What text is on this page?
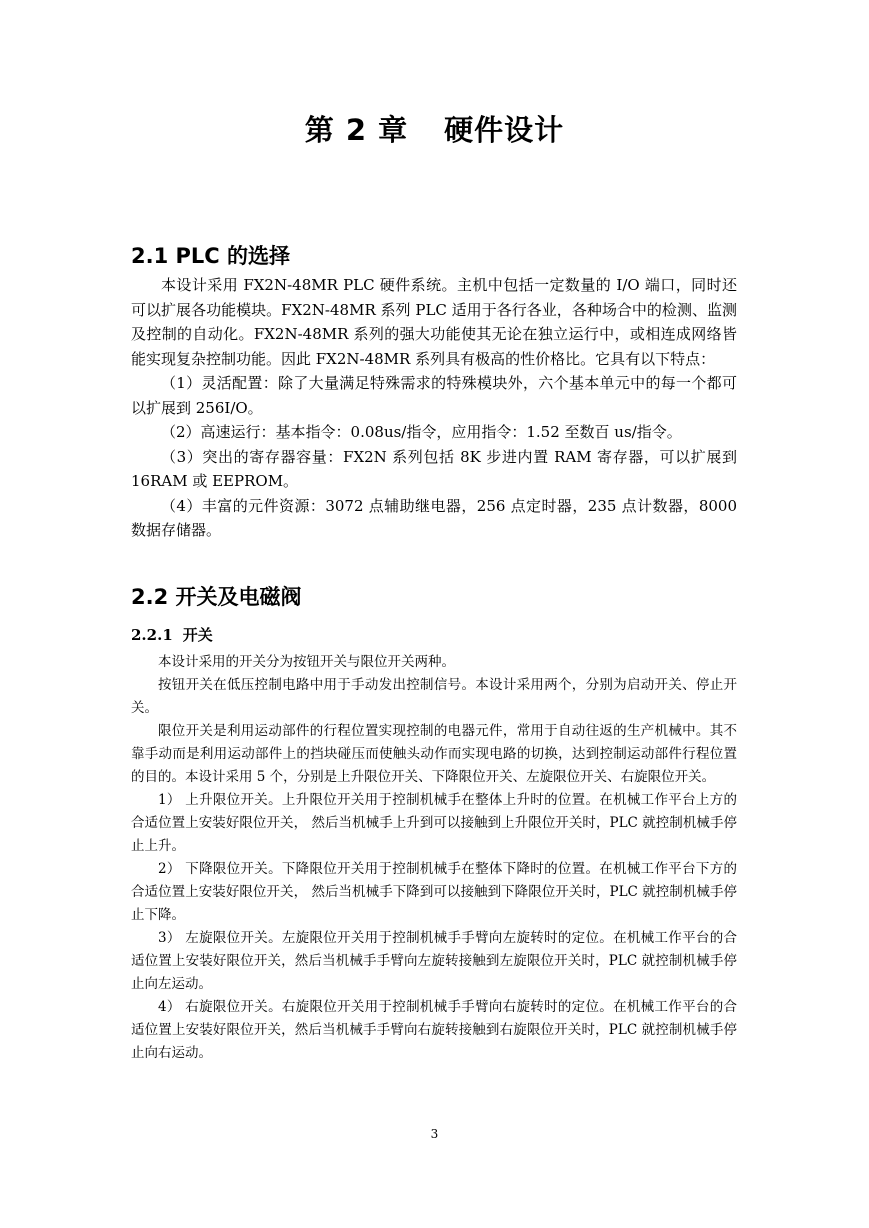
第 2 章 硬件设计
2.1 PLC 的选择

本设计采用 FX2N-48MR PLC 硬件系统。主机中包括一定数量的 I/O 端口，同时还可以扩展各功能模块。FX2N-48MR 系列 PLC 适用于各行各业，各种场合中的检测、监测及控制的自动化。FX2N-48MR 系列的强大功能使其无论在独立运行中，或相连成网络皆能实现复杂控制功能。因此 FX2N-48MR 系列具有极高的性价格比。它具有以下特点：

（1）灵活配置：除了大量满足特殊需求的特殊模块外，六个基本单元中的每一个都可以扩展到 256I/O。

（2）高速运行：基本指令：0.08us/指令，应用指令：1.52 至数百 us/指令。

（3）突出的寄存器容量：FX2N 系列包括 8K 步进内置 RAM 寄存器，可以扩展到 16RAM 或 EEPROM。

（4）丰富的元件资源：3072 点辅助继电器，256 点定时器，235 点计数器，8000 数据存储器。

2.2 开关及电磁阀
2.2.1 开关

本设计采用的开关分为按钮开关与限位开关两种。

按钮开关在低压控制电路中用于手动发出控制信号。本设计采用两个，分别为启动开关、停止开关。

限位开关是利用运动部件的行程位置实现控制的电器元件，常用于自动往返的生产机械中。其不靠手动而是利用运动部件上的挡块碰压而使触头动作而实现电路的切换，达到控制运动部件行程位置的目的。本设计采用 5 个，分别是上升限位开关、下降限位开关、左旋限位开关、右旋限位开关。

1） 上升限位开关。上升限位开关用于控制机械手在整体上升时的位置。在机械工作平台上方的合适位置上安装好限位开关， 然后当机械手上升到可以接触到上升限位开关时，PLC 就控制机械手停止上升。

2） 下降限位开关。下降限位开关用于控制机械手在整体下降时的位置。在机械工作平台下方的合适位置上安装好限位开关， 然后当机械手下降到可以接触到下降限位开关时，PLC 就控制机械手停止下降。

3） 左旋限位开关。左旋限位开关用于控制机械手手臂向左旋转时的定位。在机械工作平台的合适位置上安装好限位开关，然后当机械手手臂向左旋转接触到左旋限位开关时，PLC 就控制机械手停止向左运动。

4） 右旋限位开关。右旋限位开关用于控制机械手手臂向右旋转时的定位。在机械工作平台的合适位置上安装好限位开关，然后当机械手手臂向右旋转接触到右旋限位开关时，PLC 就控制机械手停止向右运动。

3
